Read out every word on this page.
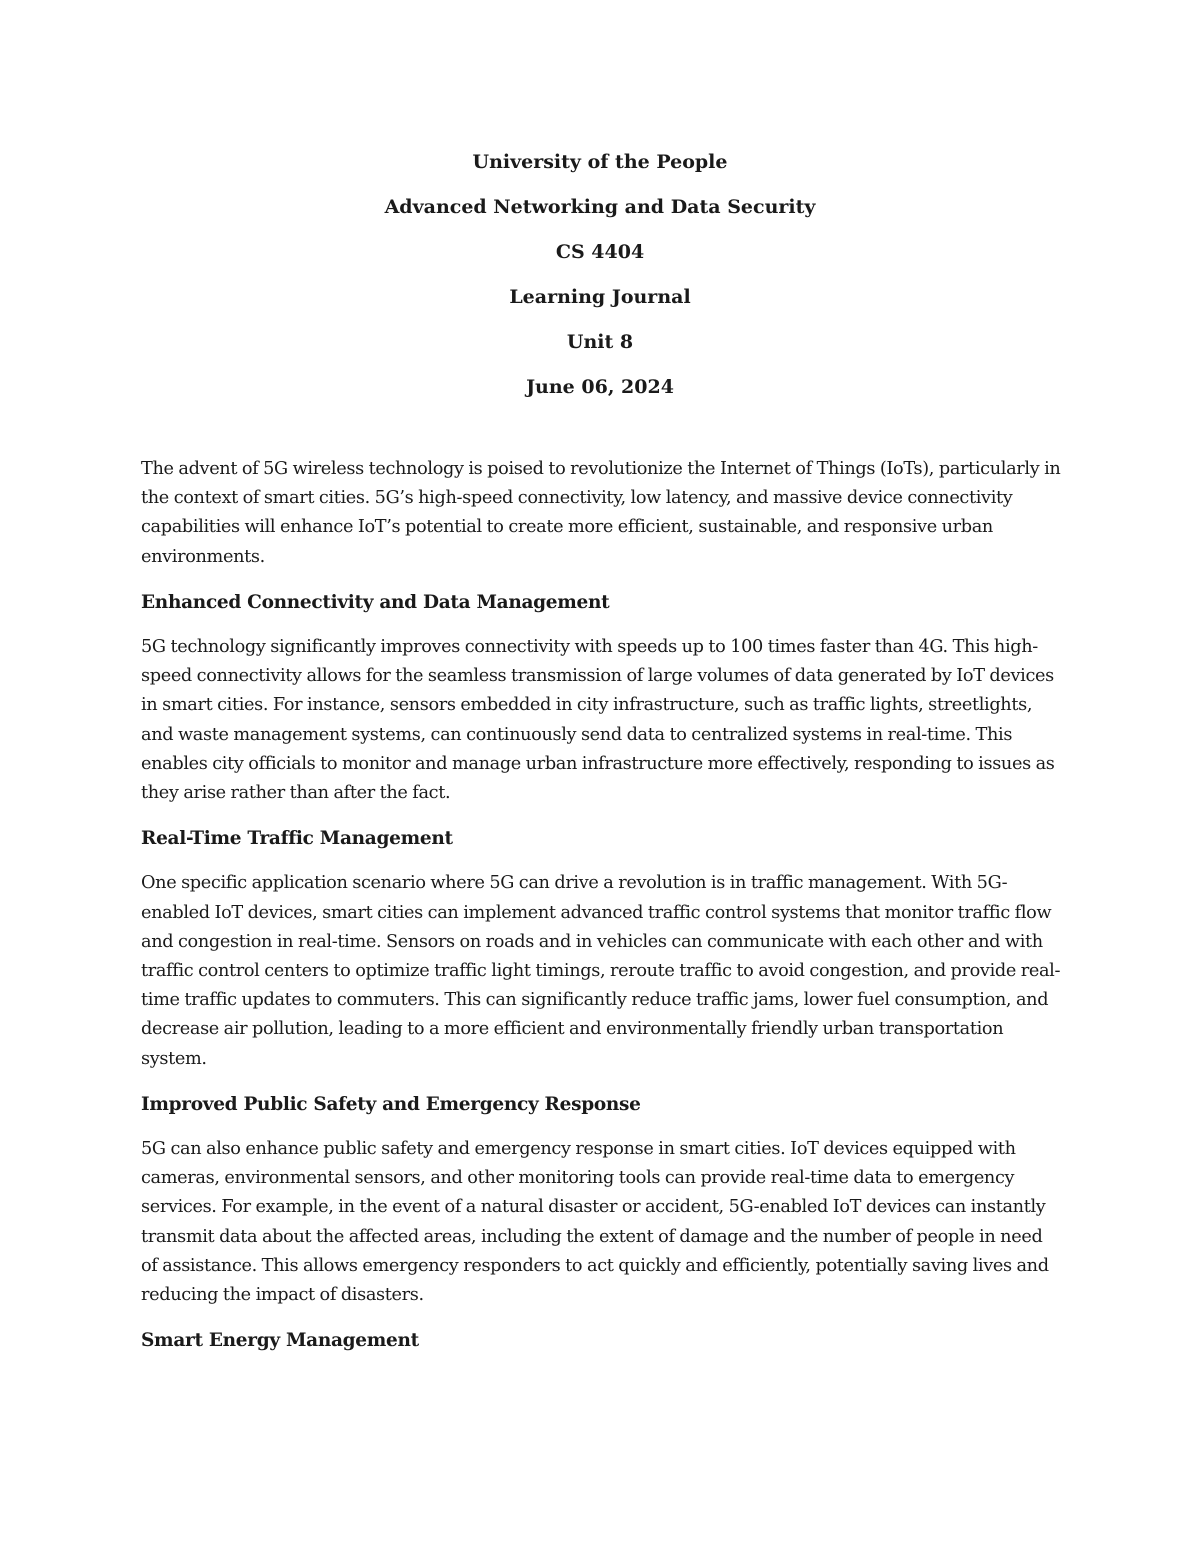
University of the People
Advanced Networking and Data Security
CS 4404
Learning Journal
Unit 8
June 06, 2024

The advent of 5G wireless technology is poised to revolutionize the Internet of Things (IoTs), particularly in the context of smart cities. 5G’s high-speed connectivity, low latency, and massive device connectivity capabilities will enhance IoT’s potential to create more efficient, sustainable, and responsive urban environments.

Enhanced Connectivity and Data Management

5G technology significantly improves connectivity with speeds up to 100 times faster than 4G. This high-speed connectivity allows for the seamless transmission of large volumes of data generated by IoT devices in smart cities. For instance, sensors embedded in city infrastructure, such as traffic lights, streetlights, and waste management systems, can continuously send data to centralized systems in real-time. This enables city officials to monitor and manage urban infrastructure more effectively, responding to issues as they arise rather than after the fact.

Real-Time Traffic Management

One specific application scenario where 5G can drive a revolution is in traffic management. With 5G-enabled IoT devices, smart cities can implement advanced traffic control systems that monitor traffic flow and congestion in real-time. Sensors on roads and in vehicles can communicate with each other and with traffic control centers to optimize traffic light timings, reroute traffic to avoid congestion, and provide real-time traffic updates to commuters. This can significantly reduce traffic jams, lower fuel consumption, and decrease air pollution, leading to a more efficient and environmentally friendly urban transportation system.

Improved Public Safety and Emergency Response

5G can also enhance public safety and emergency response in smart cities. IoT devices equipped with cameras, environmental sensors, and other monitoring tools can provide real-time data to emergency services. For example, in the event of a natural disaster or accident, 5G-enabled IoT devices can instantly transmit data about the affected areas, including the extent of damage and the number of people in need of assistance. This allows emergency responders to act quickly and efficiently, potentially saving lives and reducing the impact of disasters.

Smart Energy Management
